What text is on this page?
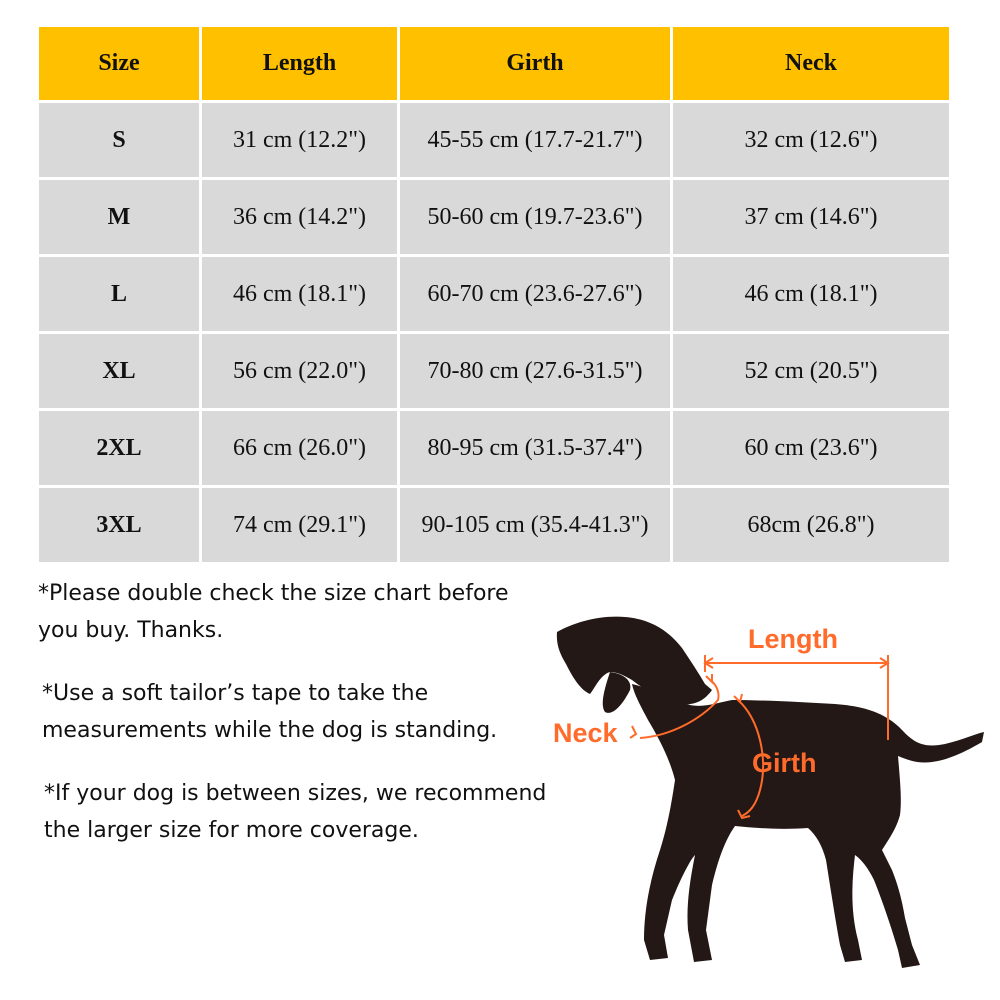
Size	Length	Girth	Neck
S	31 cm (12.2")	45-55 cm (17.7-21.7")	32 cm (12.6")
M	36 cm (14.2")	50-60 cm (19.7-23.6")	37 cm (14.6")
L	46 cm (18.1")	60-70 cm (23.6-27.6")	46 cm (18.1")
XL	56 cm (22.0")	70-80 cm (27.6-31.5")	52 cm (20.5")
2XL	66 cm (26.0")	80-95 cm (31.5-37.4")	60 cm (23.6")
3XL	74 cm (29.1")	90-105 cm (35.4-41.3")	68cm (26.8")

*Please double check the size chart before
you buy. Thanks.

*Use a soft tailor’s tape to take the
measurements while the dog is standing.

*If your dog is between sizes, we recommend
the larger size for more coverage.

Length
Neck
Girth
